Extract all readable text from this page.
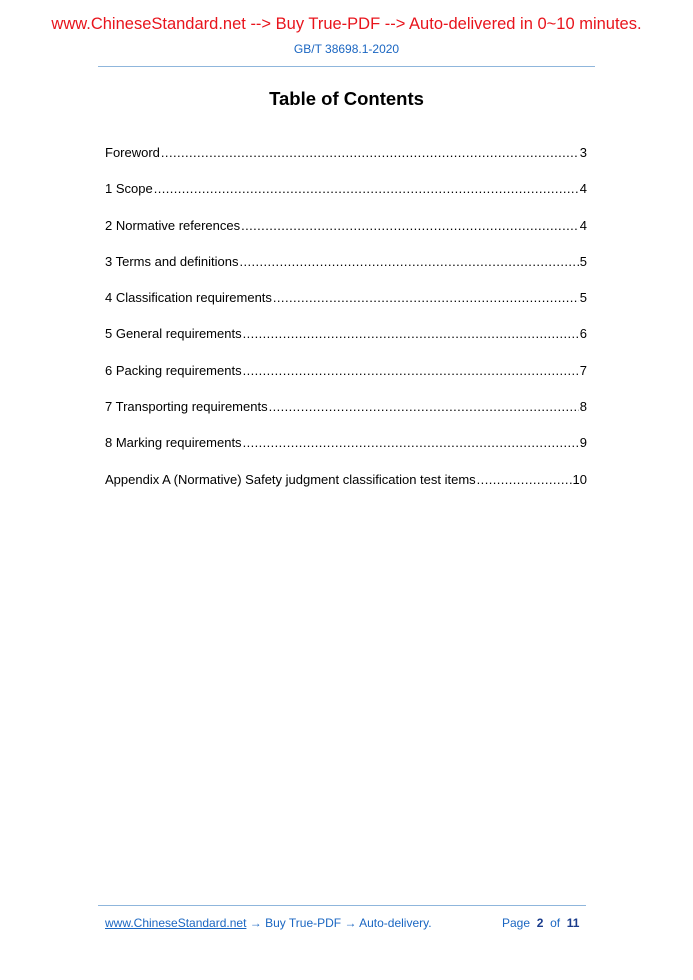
www.ChineseStandard.net --> Buy True-PDF --> Auto-delivered in 0~10 minutes.
GB/T 38698.1-2020
Table of Contents
Foreword .....	3
1 Scope .....	4
2 Normative references .....	4
3 Terms and definitions .....	5
4 Classification requirements .....	5
5 General requirements .....	6
6 Packing requirements .....	7
7 Transporting requirements .....	8
8 Marking requirements .....	9
Appendix A (Normative) Safety judgment classification test items .....	10
www.ChineseStandard.net → Buy True-PDF → Auto-delivery.	Page 2 of 11
